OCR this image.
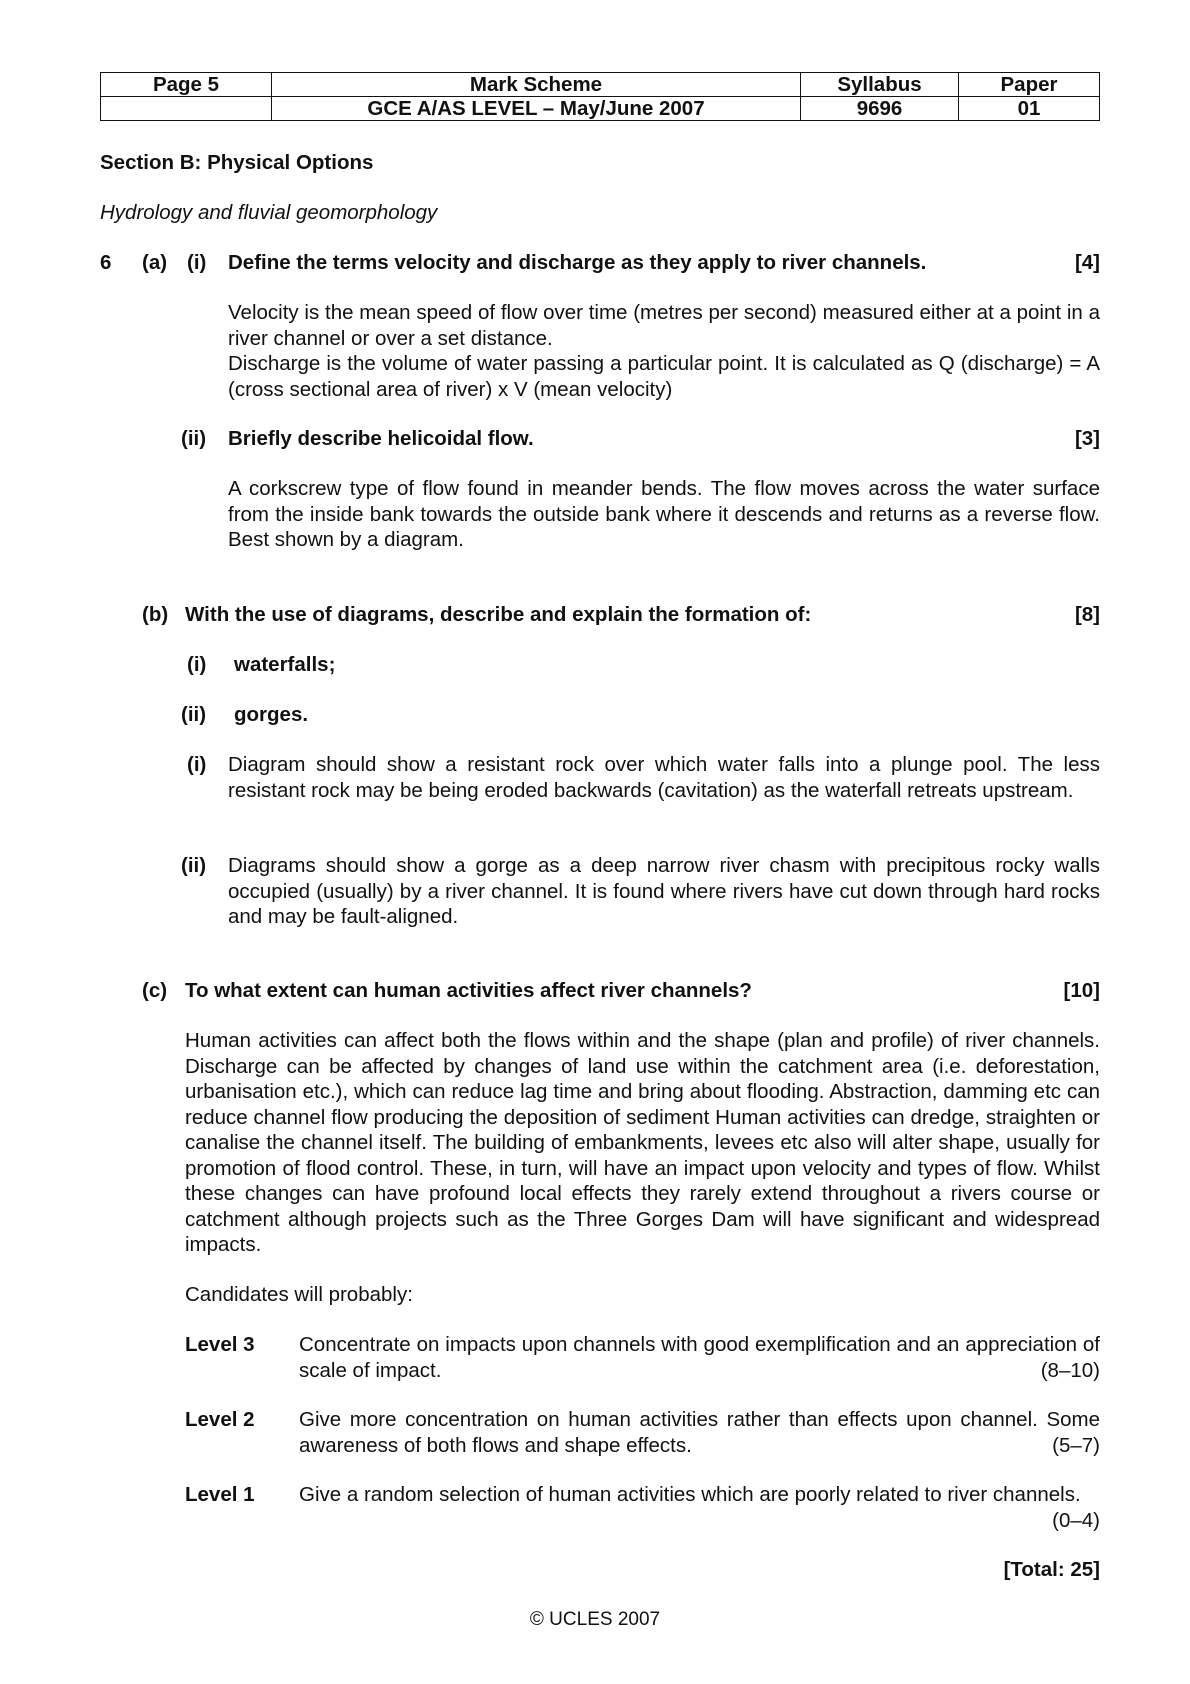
Page 5	Mark Scheme	Syllabus	Paper
	GCE A/AS LEVEL – May/June 2007	9696	01
Section B: Physical Options
Hydrology and fluvial geomorphology
6 (a) (i) Define the terms velocity and discharge as they apply to river channels.	[4]
Velocity is the mean speed of flow over time (metres per second) measured either at a point in a river channel or over a set distance.
Discharge is the volume of water passing a particular point. It is calculated as Q (discharge) = A (cross sectional area of river) x V (mean velocity)
(ii) Briefly describe helicoidal flow.	[3]
A corkscrew type of flow found in meander bends. The flow moves across the water surface from the inside bank towards the outside bank where it descends and returns as a reverse flow. Best shown by a diagram.
(b) With the use of diagrams, describe and explain the formation of:	[8]
(i) waterfalls;
(ii) gorges.
(i) Diagram should show a resistant rock over which water falls into a plunge pool. The less resistant rock may be being eroded backwards (cavitation) as the waterfall retreats upstream.
(ii) Diagrams should show a gorge as a deep narrow river chasm with precipitous rocky walls occupied (usually) by a river channel. It is found where rivers have cut down through hard rocks and may be fault-aligned.
(c) To what extent can human activities affect river channels?	[10]
Human activities can affect both the flows within and the shape (plan and profile) of river channels. Discharge can be affected by changes of land use within the catchment area (i.e. deforestation, urbanisation etc.), which can reduce lag time and bring about flooding. Abstraction, damming etc can reduce channel flow producing the deposition of sediment Human activities can dredge, straighten or canalise the channel itself. The building of embankments, levees etc also will alter shape, usually for promotion of flood control. These, in turn, will have an impact upon velocity and types of flow. Whilst these changes can have profound local effects they rarely extend throughout a rivers course or catchment although projects such as the Three Gorges Dam will have significant and widespread impacts.
Candidates will probably:
Level 3 Concentrate on impacts upon channels with good exemplification and an appreciation of scale of impact.	(8–10)
Level 2 Give more concentration on human activities rather than effects upon channel. Some awareness of both flows and shape effects.	(5–7)
Level 1 Give a random selection of human activities which are poorly related to river channels.
(0–4)
[Total: 25]
© UCLES 2007
